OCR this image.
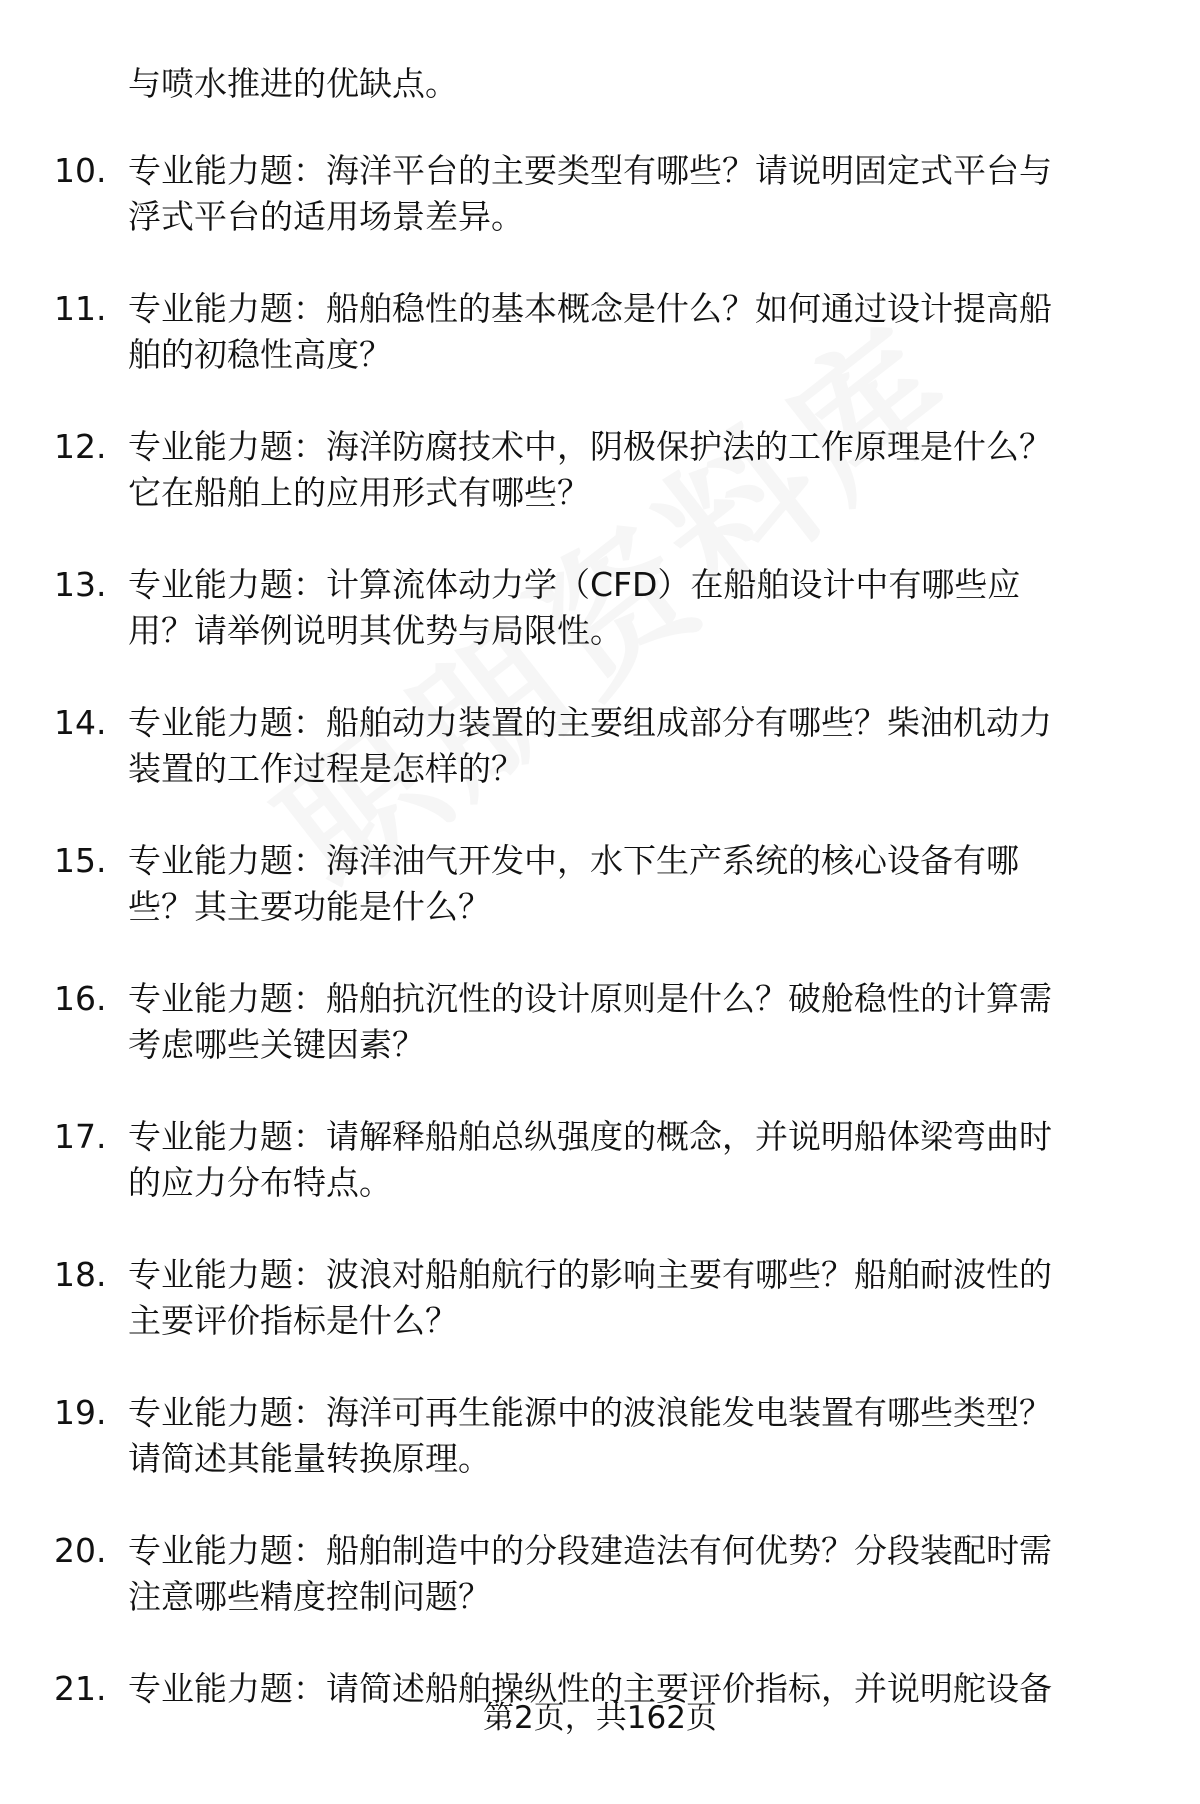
与喷水推进的优缺点。
10. 专业能力题：海洋平台的主要类型有哪些？请说明固定式平台与
浮式平台的适用场景差异。
11. 专业能力题：船舶稳性的基本概念是什么？如何通过设计提高船
舶的初稳性高度？
12. 专业能力题：海洋防腐技术中，阴极保护法的工作原理是什么？
它在船舶上的应用形式有哪些？
13. 专业能力题：计算流体动力学（CFD）在船舶设计中有哪些应
用？请举例说明其优势与局限性。
14. 专业能力题：船舶动力装置的主要组成部分有哪些？柴油机动力
装置的工作过程是怎样的？
15. 专业能力题：海洋油气开发中，水下生产系统的核心设备有哪
些？其主要功能是什么？
16. 专业能力题：船舶抗沉性的设计原则是什么？破舱稳性的计算需
考虑哪些关键因素？
17. 专业能力题：请解释船舶总纵强度的概念，并说明船体梁弯曲时
的应力分布特点。
18. 专业能力题：波浪对船舶航行的影响主要有哪些？船舶耐波性的
主要评价指标是什么？
19. 专业能力题：海洋可再生能源中的波浪能发电装置有哪些类型？
请简述其能量转换原理。
20. 专业能力题：船舶制造中的分段建造法有何优势？分段装配时需
注意哪些精度控制问题？
21. 专业能力题：请简述船舶操纵性的主要评价指标，并说明舵设备
第2页，共162页
